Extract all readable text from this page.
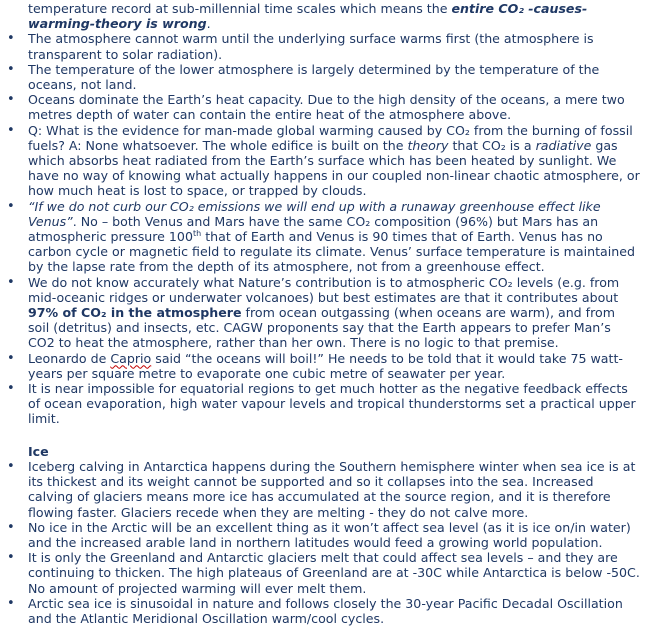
temperature record at sub-millennial time scales which means the entire CO₂ -causes-warming-theory is wrong.
• The atmosphere cannot warm until the underlying surface warms first (the atmosphere is transparent to solar radiation).
• The temperature of the lower atmosphere is largely determined by the temperature of the oceans, not land.
• Oceans dominate the Earth’s heat capacity. Due to the high density of the oceans, a mere two metres depth of water can contain the entire heat of the atmosphere above.
• Q: What is the evidence for man-made global warming caused by CO₂ from the burning of fossil fuels? A: None whatsoever. The whole edifice is built on the theory that CO₂ is a radiative gas which absorbs heat radiated from the Earth’s surface which has been heated by sunlight. We have no way of knowing what actually happens in our coupled non-linear chaotic atmosphere, or how much heat is lost to space, or trapped by clouds.
• “If we do not curb our CO₂ emissions we will end up with a runaway greenhouse effect like Venus”. No – both Venus and Mars have the same CO₂ composition (96%) but Mars has an atmospheric pressure 100th that of Earth and Venus is 90 times that of Earth. Venus has no carbon cycle or magnetic field to regulate its climate. Venus’ surface temperature is maintained by the lapse rate from the depth of its atmosphere, not from a greenhouse effect.
• We do not know accurately what Nature’s contribution is to atmospheric CO₂ levels (e.g. from mid-oceanic ridges or underwater volcanoes) but best estimates are that it contributes about 97% of CO₂ in the atmosphere from ocean outgassing (when oceans are warm), and from soil (detritus) and insects, etc. CAGW proponents say that the Earth appears to prefer Man’s CO2 to heat the atmosphere, rather than her own. There is no logic to that premise.
• Leonardo de Caprio said “the oceans will boil!” He needs to be told that it would take 75 watt-years per square metre to evaporate one cubic metre of seawater per year.
• It is near impossible for equatorial regions to get much hotter as the negative feedback effects of ocean evaporation, high water vapour levels and tropical thunderstorms set a practical upper limit.
Ice
• Iceberg calving in Antarctica happens during the Southern hemisphere winter when sea ice is at its thickest and its weight cannot be supported and so it collapses into the sea. Increased calving of glaciers means more ice has accumulated at the source region, and it is therefore flowing faster. Glaciers recede when they are melting - they do not calve more.
• No ice in the Arctic will be an excellent thing as it won’t affect sea level (as it is ice on/in water) and the increased arable land in northern latitudes would feed a growing world population.
• It is only the Greenland and Antarctic glaciers melt that could affect sea levels – and they are continuing to thicken. The high plateaus of Greenland are at -30C while Antarctica is below -50C. No amount of projected warming will ever melt them.
• Arctic sea ice is sinusoidal in nature and follows closely the 30-year Pacific Decadal Oscillation and the Atlantic Meridional Oscillation warm/cool cycles.
